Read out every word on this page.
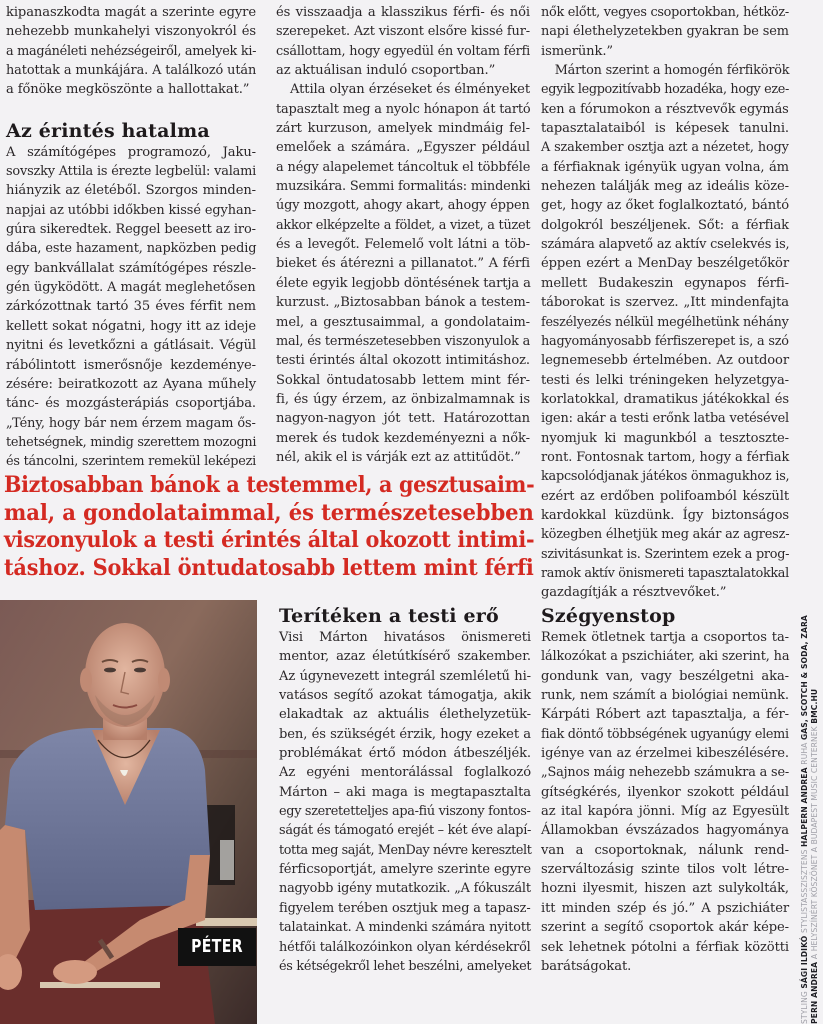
kipanaszkodta magát a szerinte egyre
nehezebb munkahelyi viszonyokról és
a magánéleti nehézségeiről, amelyek ki-
hatottak a munkájára. A találkozó után
a főnöke megköszönte a hallottakat.”
Az érintés hatalma
A számítógépes programozó, Jaku-
sovszky Attila is érezte legbelül: valami
hiányzik az életéből. Szorgos minden-
napjai az utóbbi időkben kissé egyhan-
gúra sikeredtek. Reggel beesett az iro-
dába, este hazament, napközben pedig
egy bankvállalat számítógépes részle-
gén ügyködött. A magát meglehetősen
zárkózottnak tartó 35 éves férfit nem
kellett sokat nógatni, hogy itt az ideje
nyitni és levetkőzni a gátlásait. Végül
rábólintott ismerősnője kezdeménye-
zésére: beiratkozott az Ayana műhely
tánc- és mozgásterápiás csoportjába.
„Tény, hogy bár nem érzem magam ős-
tehetségnek, mindig szerettem mozogni
és táncolni, szerintem remekül leképezi
és visszaadja a klasszikus férfi- és női
szerepeket. Azt viszont elsőre kissé fur-
csállottam, hogy egyedül én voltam férfi
az aktuálisan induló csoportban.”
Attila olyan érzéseket és élményeket
tapasztalt meg a nyolc hónapon át tartó
zárt kurzuson, amelyek mindmáig fel-
emelőek a számára. „Egyszer például
a négy alapelemet táncoltuk el többféle
muzsikára. Semmi formalitás: mindenki
úgy mozgott, ahogy akart, ahogy éppen
akkor elképzelte a földet, a vizet, a tüzet
és a levegőt. Felemelő volt látni a töb-
bieket és átérezni a pillanatot.” A férfi
élete egyik legjobb döntésének tartja a
kurzust. „Biztosabban bánok a testem-
mel, a gesztusaimmal, a gondolataim-
mal, és természetesebben viszonyulok a
testi érintés által okozott intimitáshoz.
Sokkal öntudatosabb lettem mint fér-
fi, és úgy érzem, az önbizalmamnak is
nagyon-nagyon jót tett. Határozottan
merek és tudok kezdeményezni a nők-
nél, akik el is várják ezt az attitűdöt.”
nők előtt, vegyes csoportokban, hétköz-
napi élethelyzetekben gyakran be sem
ismerünk.”
Márton szerint a homogén férfikörök
egyik legpozitívabb hozadéka, hogy eze-
ken a fórumokon a résztvevők egymás
tapasztalataiból is képesek tanulni.
A szakember osztja azt a nézetet, hogy
a férfiaknak igényük ugyan volna, ám
nehezen találják meg az ideális köze-
get, hogy az őket foglalkoztató, bántó
dolgokról beszéljenek. Sőt: a férfiak
számára alapvető az aktív cselekvés is,
éppen ezért a MenDay beszélgetőkör
mellett Budakeszin egynapos férfi-
táborokat is szervez. „Itt mindenfajta
feszélyezés nélkül megélhetünk néhány
hagyományosabb férfiszerepet is, a szó
legnemesebb értelmében. Az outdoor
testi és lelki tréningeken helyzetgya-
korlatokkal, dramatikus játékokkal és
igen: akár a testi erőnk latba vetésével
nyomjuk ki magunkból a tesztoszte-
ront. Fontosnak tartom, hogy a férfiak
kapcsolódjanak játékos önmagukhoz is,
ezért az erdőben polifoamból készült
kardokkal küzdünk. Így biztonságos
közegben élhetjük meg akár az agresz-
szivitásunkat is. Szerintem ezek a prog-
ramok aktív önismereti tapasztalatokkal
gazdagítják a résztvevőket.”
Biztosabban bánok a testemmel, a gesztusaim-
mal, a gondolataimmal, és természetesebben
viszonyulok a testi érintés által okozott intimi-
táshoz. Sokkal öntudatosabb lettem mint férfi
PÉTER
Terítéken a testi erő
Visi Márton hivatásos önismereti
mentor, azaz életútkísérő szakember.
Az úgynevezett integrál szemléletű hi-
vatásos segítő azokat támogatja, akik
elakadtak az aktuális élethelyzetük-
ben, és szükségét érzik, hogy ezeket a
problémákat értő módon átbeszéljék.
Az egyéni mentorálással foglalkozó
Márton – aki maga is megtapasztalta
egy szeretetteljes apa-fiú viszony fontos-
ságát és támogató erejét – két éve alapí-
totta meg saját, MenDay névre keresztelt
férficsoportját, amelyre szerinte egyre
nagyobb igény mutatkozik. „A fókuszált
figyelem terében osztjuk meg a tapasz-
talatainkat. A mindenki számára nyitott
hétfői találkozóinkon olyan kérdésekről
és kétségekről lehet beszélni, amelyeket
Szégyenstop
Remek ötletnek tartja a csoportos ta-
lálkozókat a pszichiáter, aki szerint, ha
gondunk van, vagy beszélgetni aka-
runk, nem számít a biológiai nemünk.
Kárpáti Róbert azt tapasztalja, a fér-
fiak döntő többségének ugyanúgy elemi
igénye van az érzelmei kibeszélésére.
„Sajnos máig nehezebb számukra a se-
gítségkérés, ilyenkor szokott például
az ital kapóra jönni. Míg az Egyesült
Államokban évszázados hagyománya
van a csoportoknak, nálunk rend-
szerváltozásig szinte tilos volt létre-
hozni ilyesmit, hiszen azt sulykolták,
itt minden szép és jó.” A pszichiáter
szerint a segítő csoportok akár képe-
sek lehetnek pótolni a férfiak közötti
barátságokat.
STYLING SÁGI ILDIKÓ STYLISTASSZISZTENS HALPERN ANDREA RUHA GAS, SCOTCH & SODA, ZARA
PERN ANDREA A HELYSZÍNÉRT KÖSZÖNET A BUDAPEST MUSIC CENTERNEK BMC.HU
